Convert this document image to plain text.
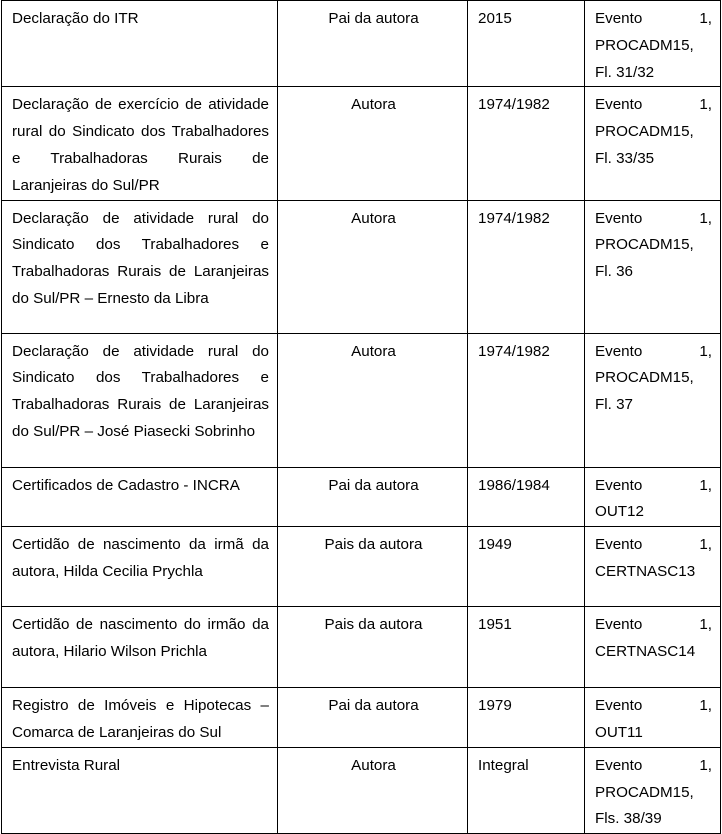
Declaração do ITR	Pai da autora	2015	Evento 1,
PROCADM15,
Fl. 31/32

Declaração de exercício de atividade rural do Sindicato dos Trabalhadores e Trabalhadoras Rurais de Laranjeiras do Sul/PR	Autora	1974/1982	Evento 1,
PROCADM15,
Fl. 33/35

Declaração de atividade rural do Sindicato dos Trabalhadores e Trabalhadoras Rurais de Laranjeiras do Sul/PR – Ernesto da Libra	Autora	1974/1982	Evento 1,
PROCADM15,
Fl. 36

Declaração de atividade rural do Sindicato dos Trabalhadores e Trabalhadoras Rurais de Laranjeiras do Sul/PR – José Piasecki Sobrinho	Autora	1974/1982	Evento 1,
PROCADM15,
Fl. 37

Certificados de Cadastro - INCRA	Pai da autora	1986/1984	Evento 1,
OUT12

Certidão de nascimento da irmã da autora, Hilda Cecilia Prychla	Pais da autora	1949	Evento 1,
CERTNASC13

Certidão de nascimento do irmão da autora, Hilario Wilson Prichla	Pais da autora	1951	Evento 1,
CERTNASC14

Registro de Imóveis e Hipotecas – Comarca de Laranjeiras do Sul	Pai da autora	1979	Evento 1,
OUT11

Entrevista Rural	Autora	Integral	Evento 1,
PROCADM15,
Fls. 38/39
